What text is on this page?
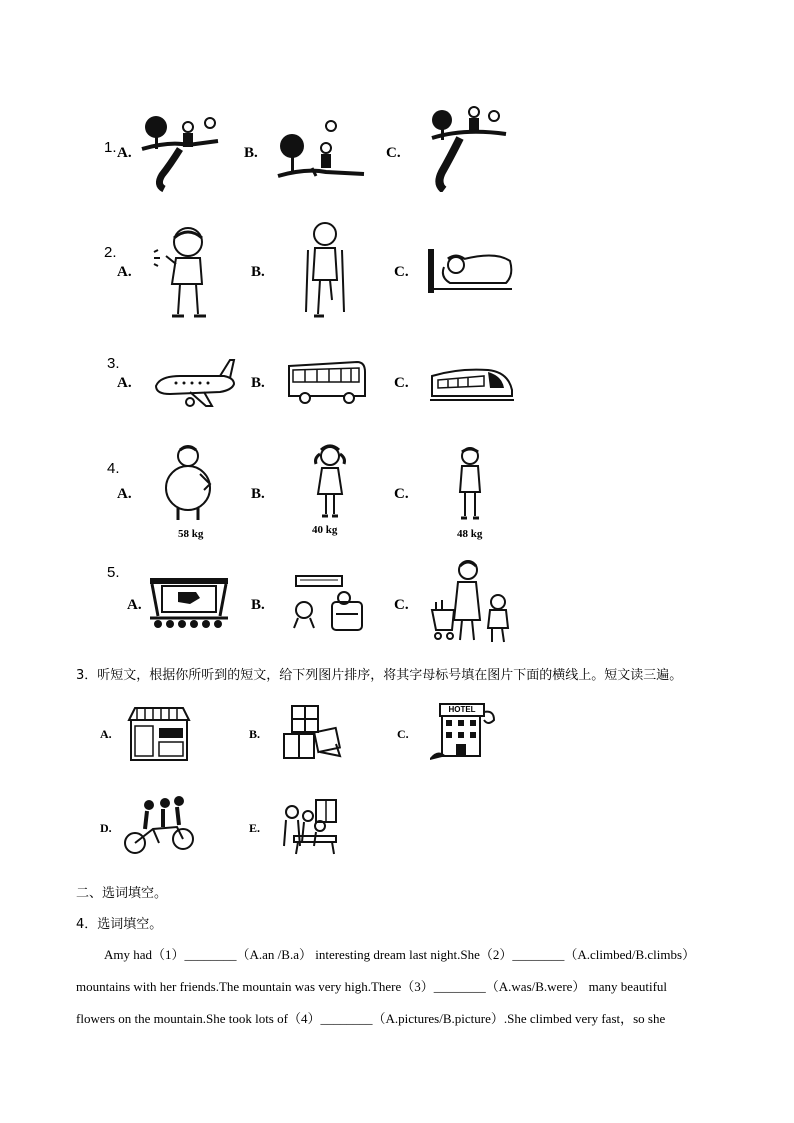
1. A.	B.	C.
2.
A.	B.	C.
3.
A.	B.	C.
4.
A.
58 kg
B.
40 kg
C.
48 kg
5.
A.	B.	C.
3．听短文，根据你所听到的短文，给下列图片排序，将其字母标号填在图片下面的横线上。短文读三遍。
A.	B.	C.
HOTEL
D.	E.
二、选词填空。
4．选词填空。
Amy had（1）________（A.an /B.a） interesting dream last night.She（2）________（A.climbed/B.climbs）
mountains with her friends.The mountain was very high.There（3）________（A.was/B.were） many beautiful
flowers on the mountain.She took lots of（4）________（A.pictures/B.picture）.She climbed very fast，so she
